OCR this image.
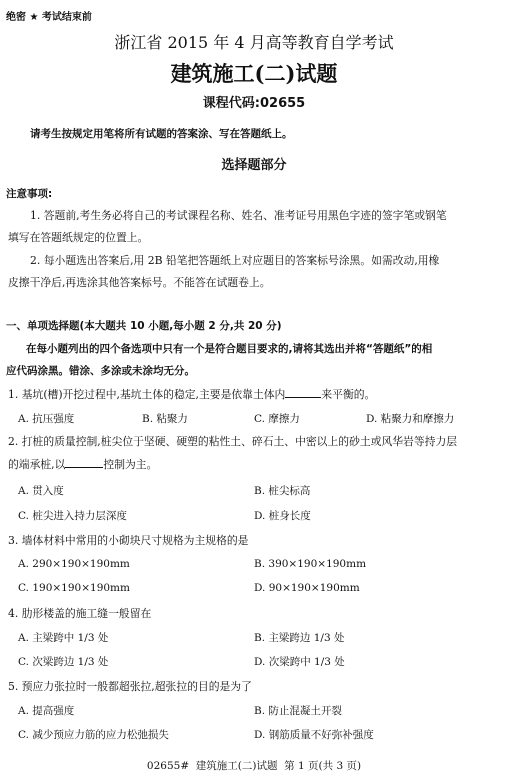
绝密 ★ 考试结束前
浙江省 2015 年 4 月高等教育自学考试
建筑施工(二)试题
课程代码:02655
请考生按规定用笔将所有试题的答案涂、写在答题纸上。
选择题部分
注意事项:
1. 答题前,考生务必将自己的考试课程名称、姓名、准考证号用黑色字迹的签字笔或钢笔
填写在答题纸规定的位置上。
2. 每小题选出答案后,用 2B 铅笔把答题纸上对应题目的答案标号涂黑。如需改动,用橡
皮擦干净后,再选涂其他答案标号。不能答在试题卷上。
一、单项选择题(本大题共 10 小题,每小题 2 分,共 20 分)
在每小题列出的四个备选项中只有一个是符合题目要求的,请将其选出并将“答题纸”的相
应代码涂黑。错涂、多涂或未涂均无分。
1. 基坑(槽)开挖过程中,基坑土体的稳定,主要是依靠土体内	来平衡的。
A. 抗压强度	B. 粘聚力	C. 摩擦力	D. 粘聚力和摩擦力
2. 打桩的质量控制,桩尖位于坚硬、硬塑的粘性土、碎石土、中密以上的砂土或风华岩等持力层
的端承桩,以	控制为主。
A. 贯入度	B. 桩尖标高
C. 桩尖进入持力层深度	D. 桩身长度
3. 墙体材料中常用的小砌块尺寸规格为主规格的是
A. 290×190×190mm	B. 390×190×190mm
C. 190×190×190mm	D. 90×190×190mm
4. 肋形楼盖的施工缝一般留在
A. 主梁跨中 1/3 处	B. 主梁跨边 1/3 处
C. 次梁跨边 1/3 处	D. 次梁跨中 1/3 处
5. 预应力张拉时一般都超张拉,超张拉的目的是为了
A. 提高强度	B. 防止混凝土开裂
C. 减少预应力筋的应力松弛损失	D. 钢筋质量不好弥补强度
02655#  建筑施工(二)试题  第 1 页(共 3 页)
